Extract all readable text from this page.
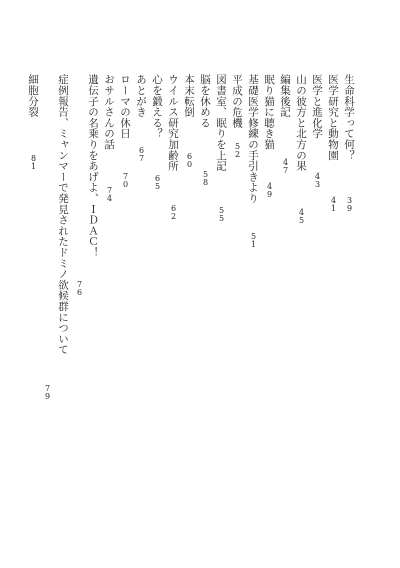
生命科学って何？
39
医学研究と動物園
41
医学と進化学
43
山の彼方と北方の果
45
編集後記
47
眠り猫に聴き猫
49
基礎医学修練の手引きより
51
平成の危機
52
図書室、眠りを上記
55
脳を休める
58
本末転倒
60
ウイルス研究加齢所
62
心を鍛える？
65
あとがき
67
ローマの休日
70
おサルさんの話
74
遺伝子の名乗りをあげよ、ＩＤＡＣ！
76
症例報告、ミャンマーで発見されたドミノ欲候群について
79
細胞分裂
81
